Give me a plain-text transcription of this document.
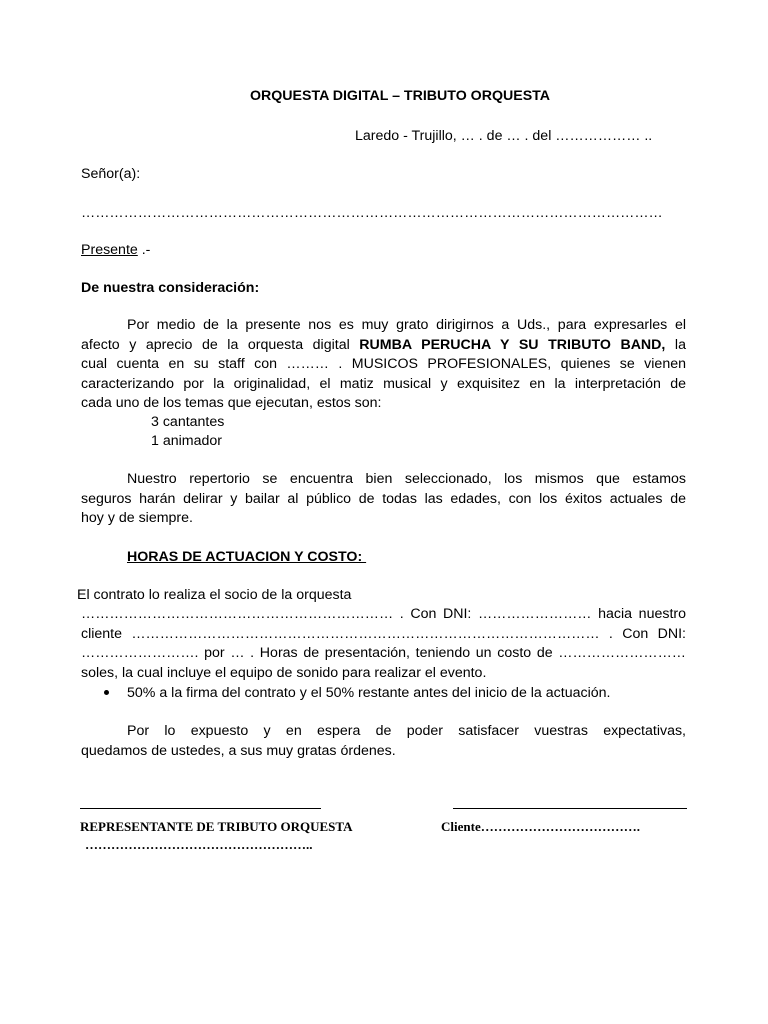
ORQUESTA DIGITAL – TRIBUTO ORQUESTA
Laredo - Trujillo, … . de … . del ……………… ..
Señor(a):
……………………………………………………………………………………………………………
Presente .-
De nuestra consideración:
Por medio de la presente nos es muy grato dirigirnos a Uds., para expresarles el
afecto y aprecio de la orquesta digital RUMBA PERUCHA Y SU TRIBUTO BAND, la
cual cuenta en su staff con ……… . MUSICOS PROFESIONALES, quienes se vienen
caracterizando por la originalidad, el matiz musical y exquisitez en la interpretación de
cada uno de los temas que ejecutan, estos son:
3 cantantes
1 animador
Nuestro repertorio se encuentra bien seleccionado, los mismos que estamos
seguros harán delirar y bailar al público de todas las edades, con los éxitos actuales de
hoy y de siempre.
HORAS DE ACTUACION Y COSTO:
El contrato lo realiza el socio de la orquesta
………………………………………………………… . Con DNI: …………………… hacia nuestro
cliente ……………………………………………………………………………………… . Con DNI:
……………………. por … . Horas de presentación, teniendo un costo de ………………………
soles, la cual incluye el equipo de sonido para realizar el evento.
50% a la firma del contrato y el 50% restante antes del inicio de la actuación.
Por lo expuesto y en espera de poder satisfacer vuestras expectativas,
quedamos de ustedes, a sus muy gratas órdenes.
REPRESENTANTE DE TRIBUTO ORQUESTA	Cliente……………………………….
……………………………………………..
